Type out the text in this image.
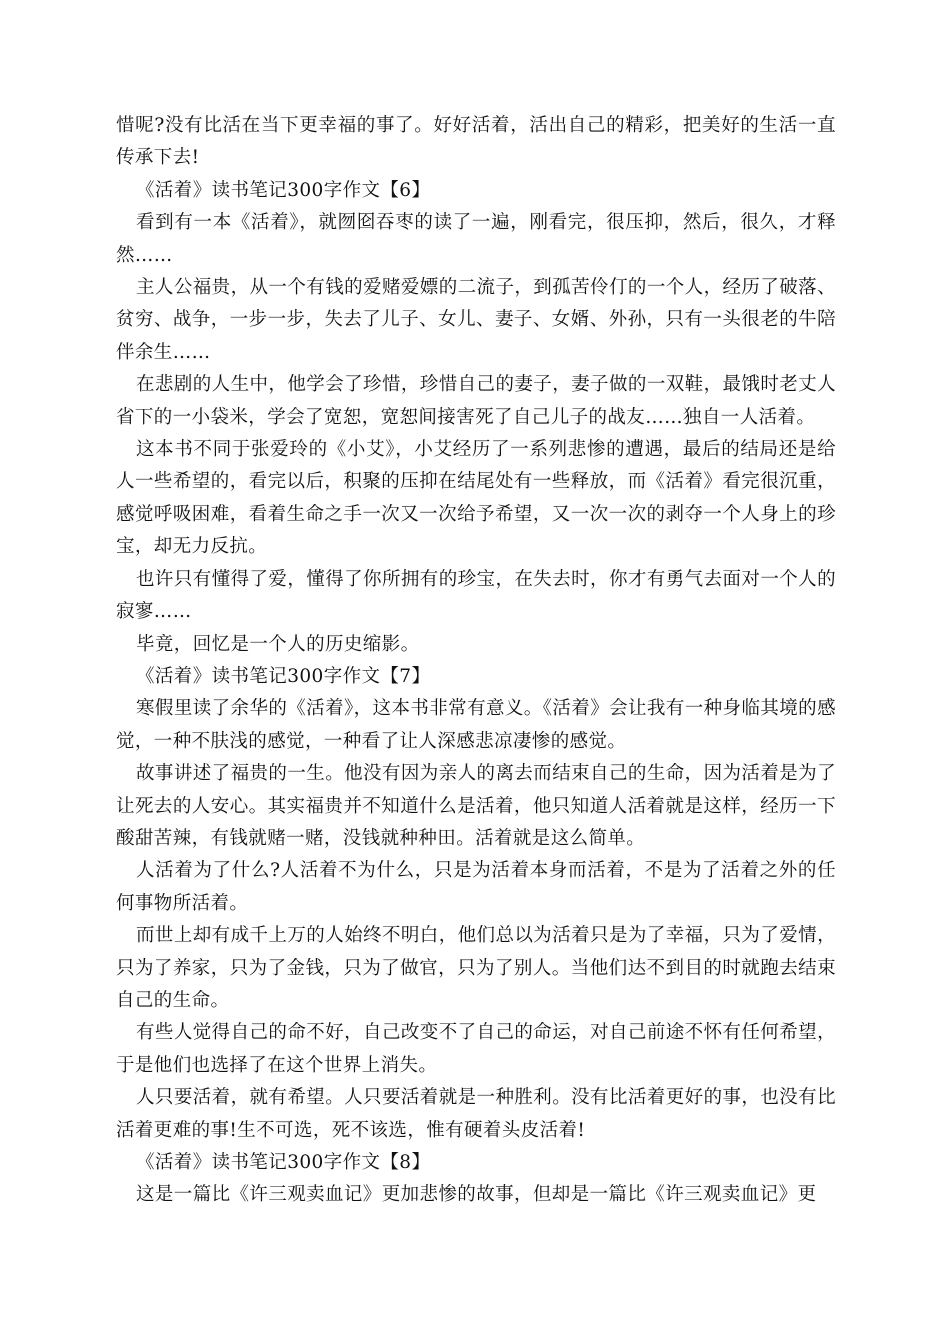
惜呢?没有比活在当下更幸福的事了。好好活着，活出自己的精彩，把美好的生活一直传承下去!

《活着》读书笔记300字作文【6】

看到有一本《活着》，就囫囵吞枣的读了一遍，刚看完，很压抑，然后，很久，才释然……

主人公福贵，从一个有钱的爱赌爱嫖的二流子，到孤苦伶仃的一个人，经历了破落、贫穷、战争，一步一步，失去了儿子、女儿、妻子、女婿、外孙，只有一头很老的牛陪伴余生……

在悲剧的人生中，他学会了珍惜，珍惜自己的妻子，妻子做的一双鞋，最饿时老丈人省下的一小袋米，学会了宽恕，宽恕间接害死了自己儿子的战友……独自一人活着。

这本书不同于张爱玲的《小艾》，小艾经历了一系列悲惨的遭遇，最后的结局还是给人一些希望的，看完以后，积聚的压抑在结尾处有一些释放，而《活着》看完很沉重，感觉呼吸困难，看着生命之手一次又一次给予希望，又一次一次的剥夺一个人身上的珍宝，却无力反抗。

也许只有懂得了爱，懂得了你所拥有的珍宝，在失去时，你才有勇气去面对一个人的寂寥……

毕竟，回忆是一个人的历史缩影。

《活着》读书笔记300字作文【7】

寒假里读了余华的《活着》，这本书非常有意义。《活着》会让我有一种身临其境的感觉，一种不肤浅的感觉，一种看了让人深感悲凉凄惨的感觉。

故事讲述了福贵的一生。他没有因为亲人的离去而结束自己的生命，因为活着是为了让死去的人安心。其实福贵并不知道什么是活着，他只知道人活着就是这样，经历一下酸甜苦辣，有钱就赌一赌，没钱就种种田。活着就是这么简单。

人活着为了什么?人活着不为什么，只是为活着本身而活着，不是为了活着之外的任何事物所活着。

而世上却有成千上万的人始终不明白，他们总以为活着只是为了幸福，只为了爱情，只为了养家，只为了金钱，只为了做官，只为了别人。当他们达不到目的时就跑去结束自己的生命。

有些人觉得自己的命不好，自己改变不了自己的命运，对自己前途不怀有任何希望，于是他们也选择了在这个世界上消失。

人只要活着，就有希望。人只要活着就是一种胜利。没有比活着更好的事，也没有比活着更难的事!生不可选，死不该选，惟有硬着头皮活着!

《活着》读书笔记300字作文【8】

这是一篇比《许三观卖血记》更加悲惨的故事，但却是一篇比《许三观卖血记》更
